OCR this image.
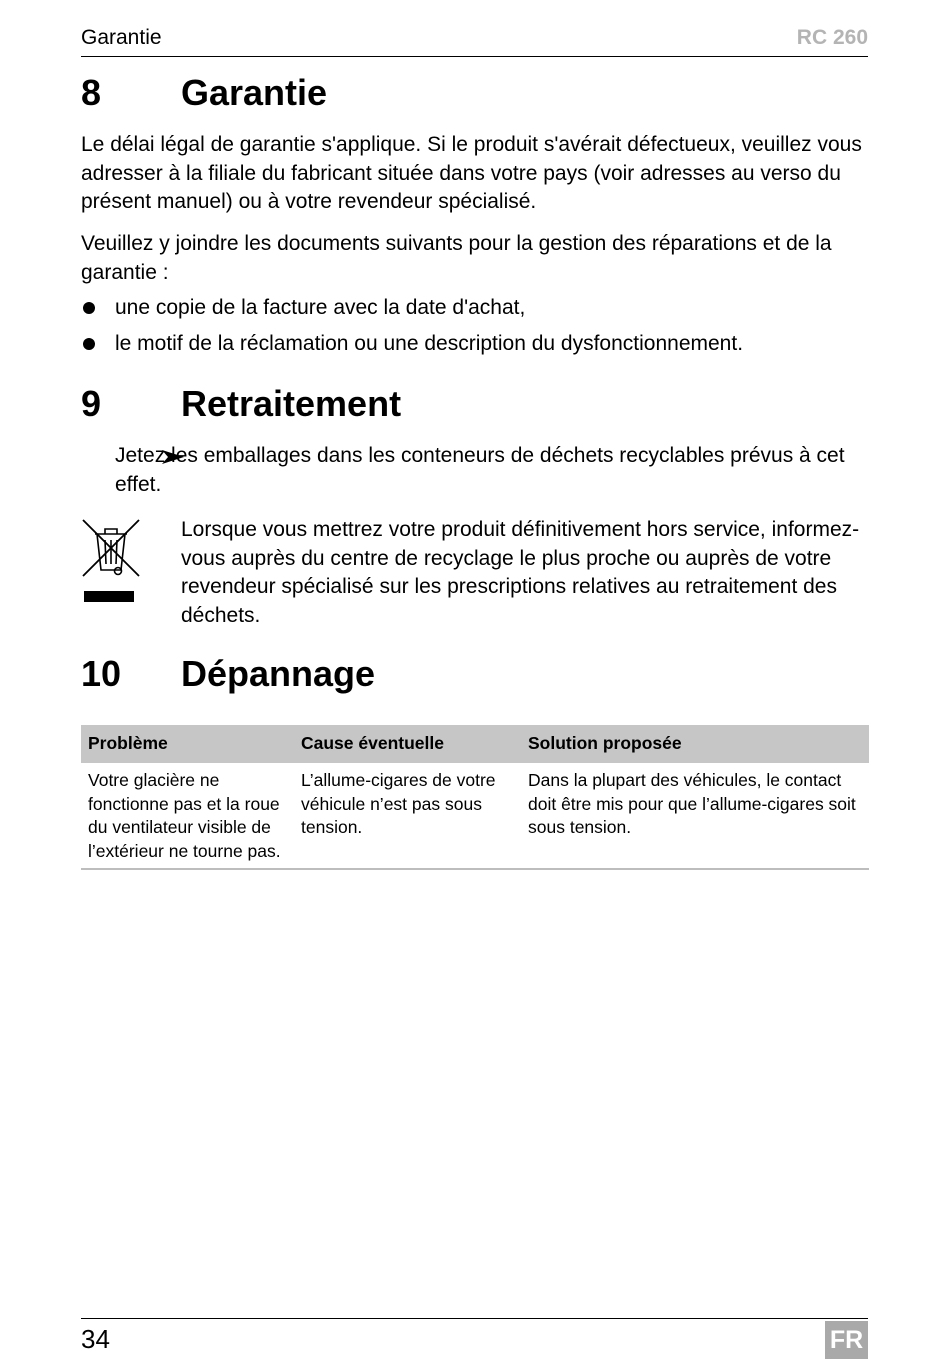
Garantie	RC 260
8 Garantie
Le délai légal de garantie s'applique. Si le produit s'avérait défectueux, veuillez vous adresser à la filiale du fabricant située dans votre pays (voir adresses au verso du présent manuel) ou à votre revendeur spécialisé.
Veuillez y joindre les documents suivants pour la gestion des réparations et de la garantie :
une copie de la facture avec la date d'achat,
le motif de la réclamation ou une description du dysfonctionnement.
9 Retraitement
Jetez les emballages dans les conteneurs de déchets recyclables prévus à cet effet.
Lorsque vous mettrez votre produit définitivement hors service, informez-vous auprès du centre de recyclage le plus proche ou auprès de votre revendeur spécialisé sur les prescriptions relatives au retraitement des déchets.
10 Dépannage
Problème	Cause éventuelle	Solution proposée
Votre glacière ne fonctionne pas et la roue du ventilateur visible de l’extérieur ne tourne pas.	L’allume-cigares de votre véhicule n’est pas sous tension.	Dans la plupart des véhicules, le contact doit être mis pour que l’allume-cigares soit sous tension.
34	FR
